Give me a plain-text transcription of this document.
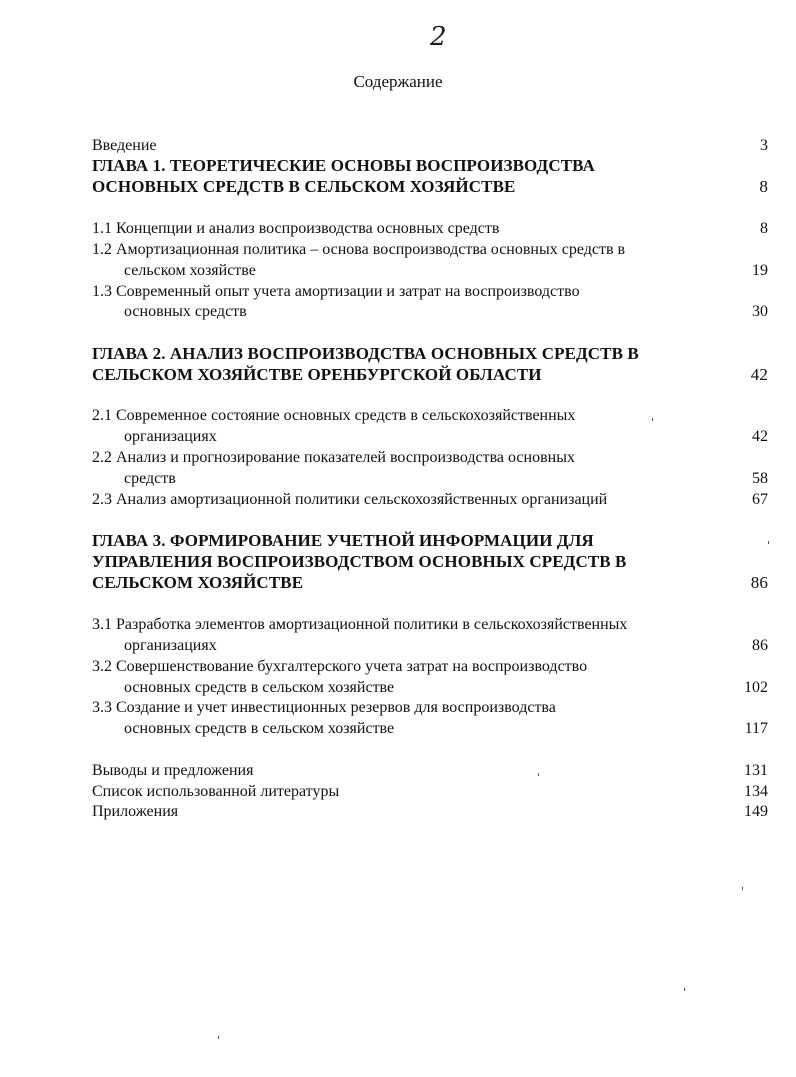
2
Содержание
Введение	3
ГЛАВА 1. ТЕОРЕТИЧЕСКИЕ ОСНОВЫ ВОСПРОИЗВОДСТВА
ОСНОВНЫХ СРЕДСТВ В СЕЛЬСКОМ ХОЗЯЙСТВЕ	8
1.1 Концепции и анализ воспроизводства основных средств	8
1.2 Амортизационная политика – основа воспроизводства основных средств в
сельском хозяйстве	19
1.3 Современный опыт учета амортизации и затрат на воспроизводство
основных средств	30
ГЛАВА 2. АНАЛИЗ ВОСПРОИЗВОДСТВА ОСНОВНЫХ СРЕДСТВ В
СЕЛЬСКОМ ХОЗЯЙСТВЕ ОРЕНБУРГСКОЙ ОБЛАСТИ	42
2.1 Современное состояние основных средств в сельскохозяйственных
организациях	42
2.2 Анализ и прогнозирование показателей воспроизводства основных
средств	58
2.3 Анализ амортизационной политики сельскохозяйственных организаций	67
ГЛАВА 3. ФОРМИРОВАНИЕ УЧЕТНОЙ ИНФОРМАЦИИ ДЛЯ
УПРАВЛЕНИЯ ВОСПРОИЗВОДСТВОМ ОСНОВНЫХ СРЕДСТВ В
СЕЛЬСКОМ ХОЗЯЙСТВЕ	86
3.1 Разработка элементов амортизационной политики в сельскохозяйственных
организациях	86
3.2 Совершенствование бухгалтерского учета затрат на воспроизводство
основных средств в сельском хозяйстве	102
3.3 Создание и учет инвестиционных резервов для воспроизводства
основных средств в сельском хозяйстве	117
Выводы и предложения	131
Список использованной литературы	134
Приложения	149
